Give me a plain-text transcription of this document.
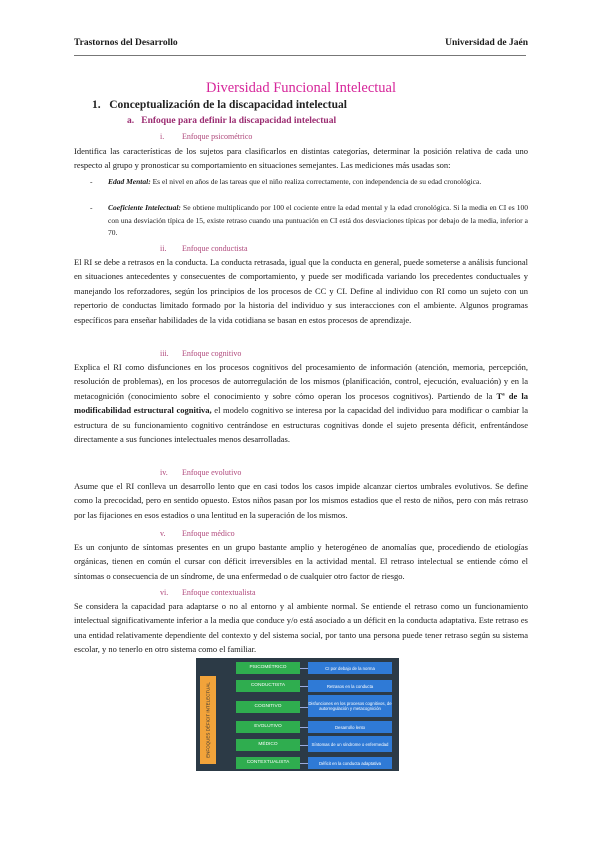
Trastornos del Desarrollo	Universidad de Jaén
Diversidad Funcional Intelectual
1. Conceptualización de la discapacidad intelectual
a. Enfoque para definir la discapacidad intelectual
i. Enfoque psicométrico
Identifica las características de los sujetos para clasificarlos en distintas categorías, determinar la posición relativa de cada uno respecto al grupo y pronosticar su comportamiento en situaciones semejantes. Las mediciones más usadas son:
-	Edad Mental: Es el nivel en años de las tareas que el niño realiza correctamente, con independencia de su edad cronológica.
-	Coeficiente Intelectual: Se obtiene multiplicando por 100 el cociente entre la edad mental y la edad cronológica. Si la media en CI es 100 con una desviación típica de 15, existe retraso cuando una puntuación en CI está dos desviaciones típicas por debajo de la media, inferior a 70.
ii. Enfoque conductista
El RI se debe a retrasos en la conducta. La conducta retrasada, igual que la conducta en general, puede someterse a análisis funcional en situaciones antecedentes y consecuentes de comportamiento, y puede ser modificada variando los precedentes conductuales y manejando los reforzadores, según los principios de los procesos de CC y CI. Define al individuo con RI como un sujeto con un repertorio de conductas limitado formado por la historia del individuo y sus interacciones con el ambiente. Algunos programas específicos para enseñar habilidades de la vida cotidiana se basan en estos procesos de aprendizaje.
iii. Enfoque cognitivo
Explica el RI como disfunciones en los procesos cognitivos del procesamiento de información (atención, memoria, percepción, resolución de problemas), en los procesos de autorregulación de los mismos (planificación, control, ejecución, evaluación) y en la metacognición (conocimiento sobre el conocimiento y sobre cómo operan los procesos cognitivos). Partiendo de la Tª de la modificabilidad estructural cognitiva, el modelo cognitivo se interesa por la capacidad del individuo para modificar o cambiar la estructura de su funcionamiento cognitivo centrándose en estructuras cognitivas donde el sujeto presenta déficit, enfrentándose directamente a sus funciones intelectuales menos desarrolladas.
iv. Enfoque evolutivo
Asume que el RI conlleva un desarrollo lento que en casi todos los casos impide alcanzar ciertos umbrales evolutivos. Se define como la precocidad, pero en sentido opuesto. Estos niños pasan por los mismos estadios que el resto de niños, pero con más retraso por las fijaciones en esos estadios o una lentitud en la superación de los mismos.
v. Enfoque médico
Es un conjunto de síntomas presentes en un grupo bastante amplio y heterogéneo de anomalías que, procediendo de etiologías orgánicas, tienen en común el cursar con déficit irreversibles en la actividad mental. El retraso intelectual se entiende cómo el síntomas o consecuencia de un síndrome, de una enfermedad o de cualquier otro factor de riesgo.
vi. Enfoque contextualista
Se considera la capacidad para adaptarse o no al entorno y al ambiente normal. Se entiende el retraso como un funcionamiento intelectual significativamente inferior a la media que conduce y/o está asociado a un déficit en la conducta adaptativa. Este retraso es una entidad relativamente dependiente del contexto y del sistema social, por tanto una persona puede tener retraso según su sistema escolar, y no tenerlo en otro sistema como el familiar.
ENFOQUES DÉFICIT INTELECTUAL
PSICOMÉTRICO
CONDUCTISTA
COGNITIVO
EVOLUTIVO
MÉDICO
CONTEXTUALISTA
CI por debajo de la norma
Retrasos en la conducta
Disfunciones en los procesos cognitivos, de autorregulación y metacognición
Desarrollo lento
Síntomas de un síndrome o enfermedad
Déficit en la conducta adaptativa
